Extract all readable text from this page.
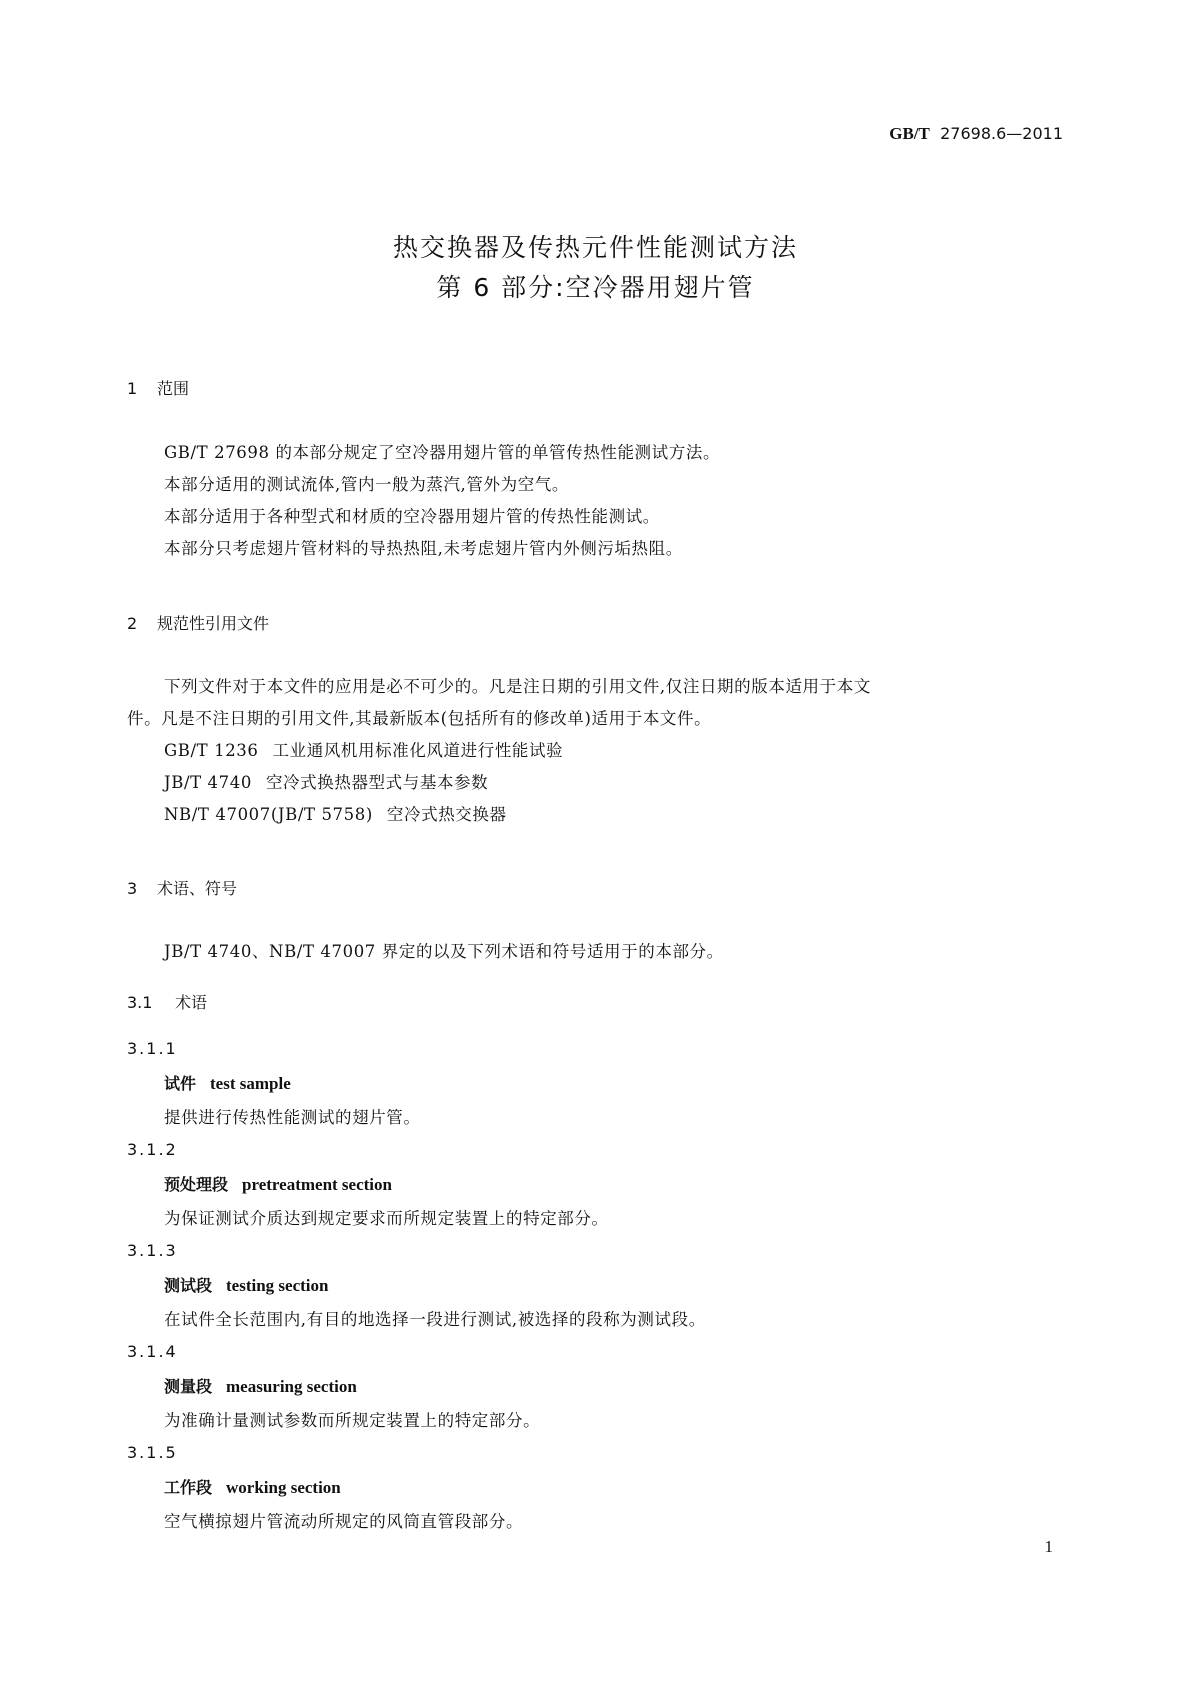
GB/T 27698.6—2011
热交换器及传热元件性能测试方法
第 6 部分:空冷器用翅片管
1 范围
GB/T 27698 的本部分规定了空冷器用翅片管的单管传热性能测试方法。
本部分适用的测试流体,管内一般为蒸汽,管外为空气。
本部分适用于各种型式和材质的空冷器用翅片管的传热性能测试。
本部分只考虑翅片管材料的导热热阻,未考虑翅片管内外侧污垢热阻。
2 规范性引用文件
下列文件对于本文件的应用是必不可少的。凡是注日期的引用文件,仅注日期的版本适用于本文
件。凡是不注日期的引用文件,其最新版本(包括所有的修改单)适用于本文件。
GB/T 1236 工业通风机用标准化风道进行性能试验
JB/T 4740 空冷式换热器型式与基本参数
NB/T 47007(JB/T 5758) 空冷式热交换器
3 术语、符号
JB/T 4740、NB/T 47007 界定的以及下列术语和符号适用于的本部分。
3.1 术语
3.1.1
试件 test sample
提供进行传热性能测试的翅片管。
3.1.2
预处理段 pretreatment section
为保证测试介质达到规定要求而所规定装置上的特定部分。
3.1.3
测试段 testing section
在试件全长范围内,有目的地选择一段进行测试,被选择的段称为测试段。
3.1.4
测量段 measuring section
为准确计量测试参数而所规定装置上的特定部分。
3.1.5
工作段 working section
空气横掠翅片管流动所规定的风筒直管段部分。
1
